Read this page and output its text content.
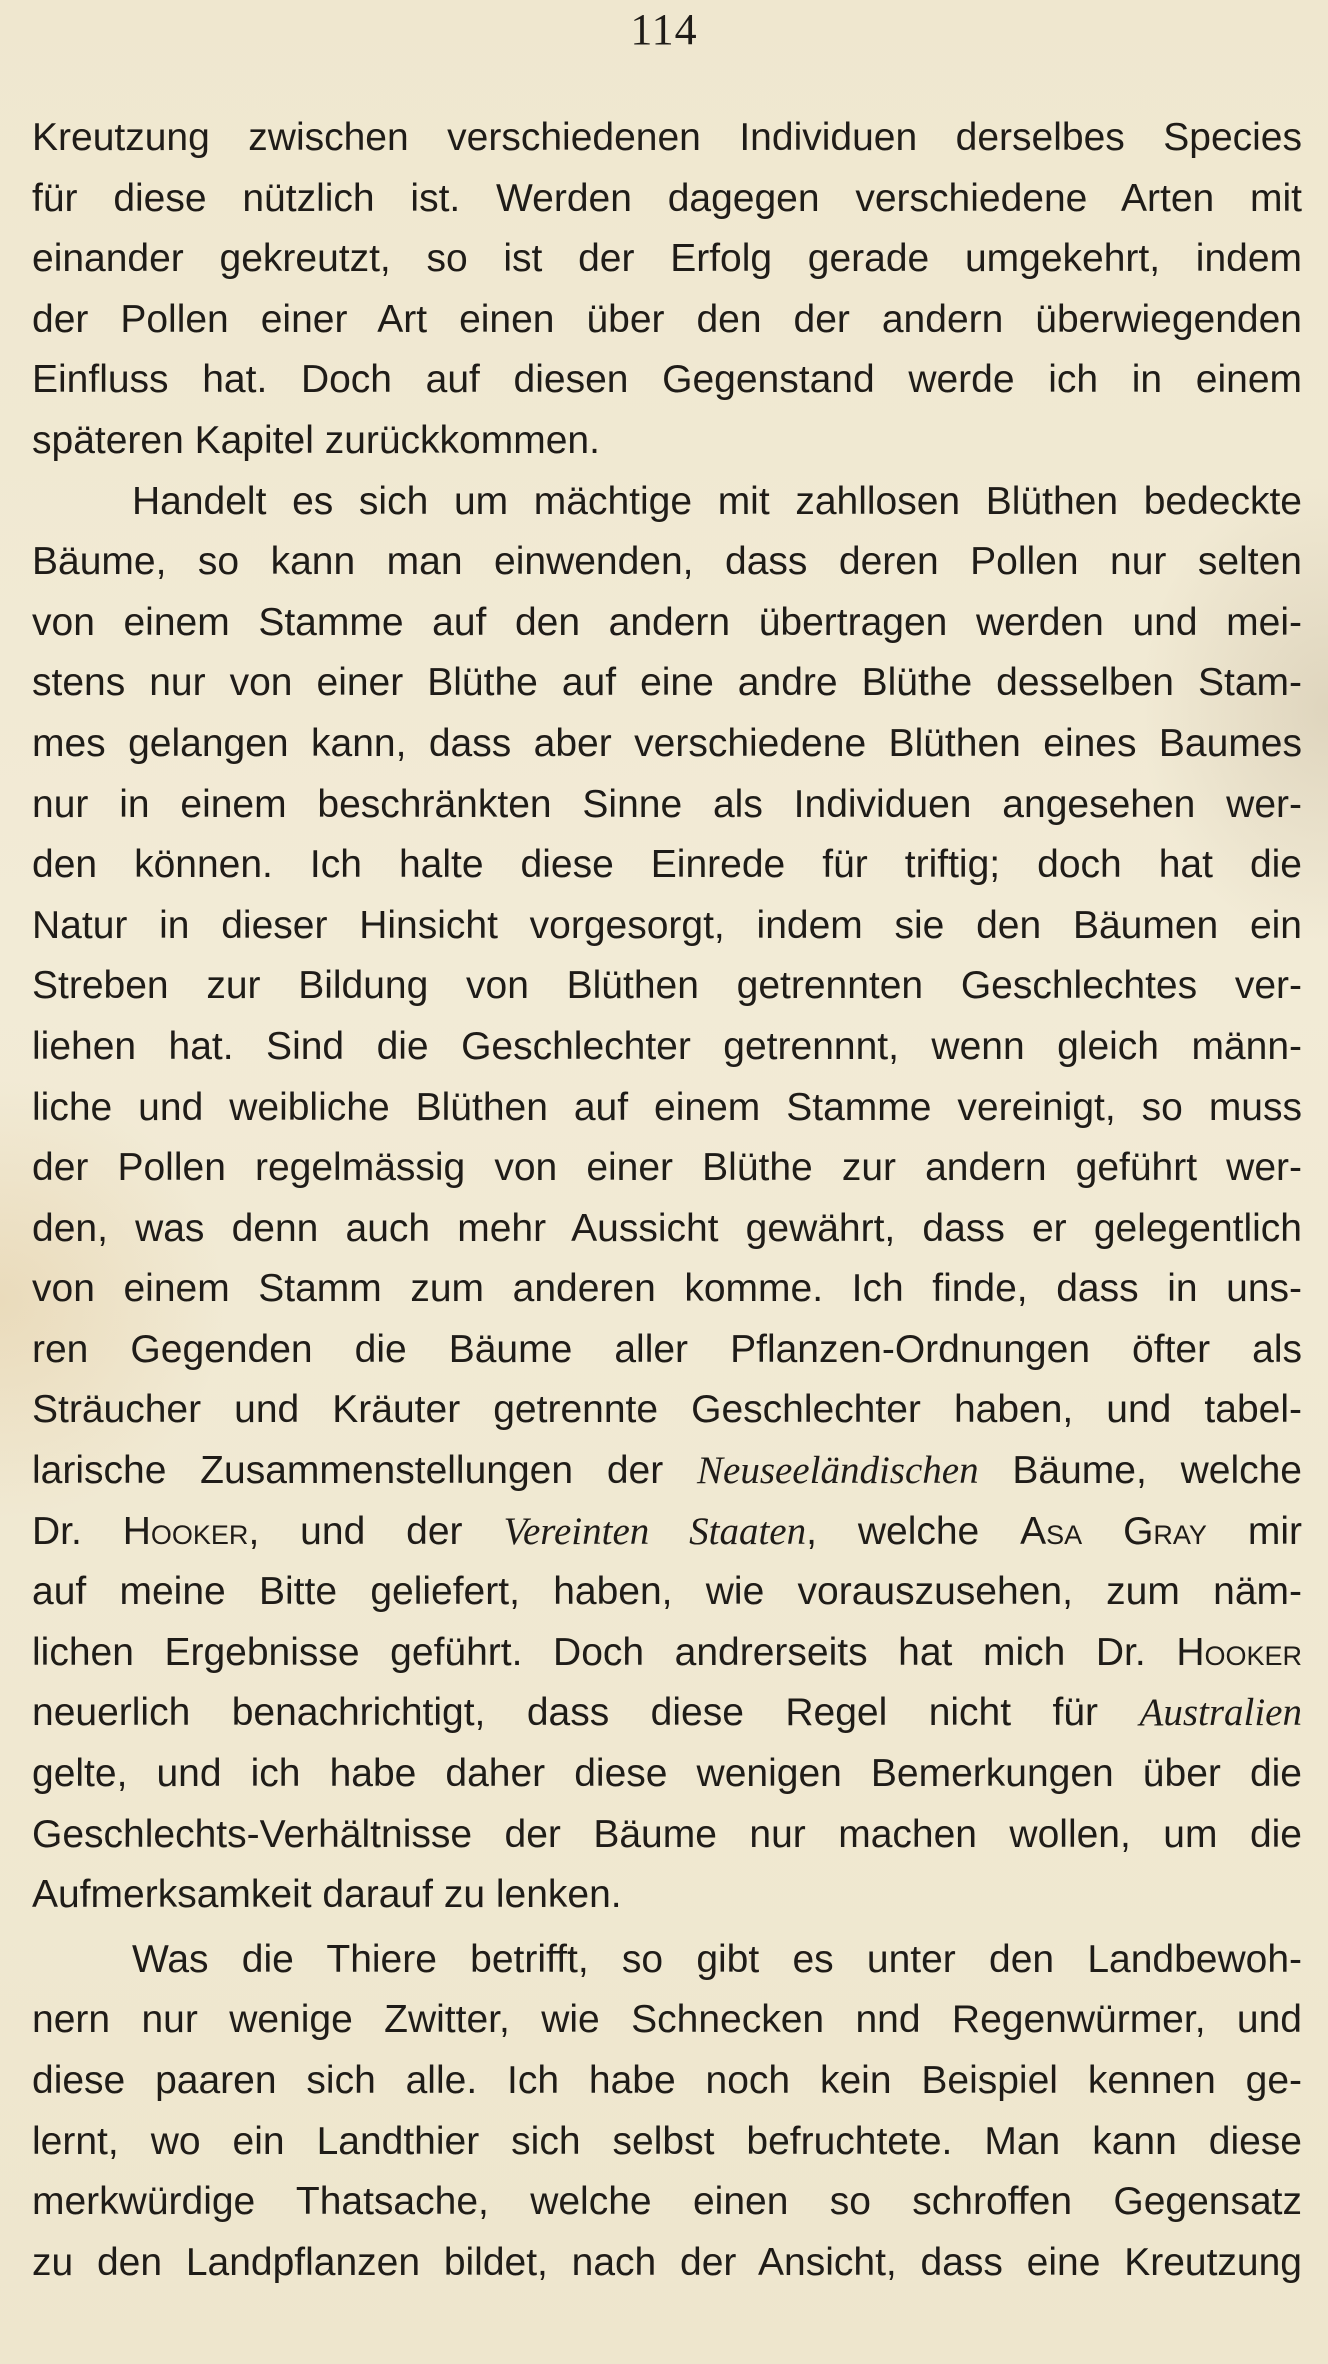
114
Kreutzung zwischen verschiedenen Individuen derselbes Species
für diese nützlich ist. Werden dagegen verschiedene Arten mit
einander gekreutzt, so ist der Erfolg gerade umgekehrt, indem
der Pollen einer Art einen über den der andern überwiegenden
Einfluss hat. Doch auf diesen Gegenstand werde ich in einem
späteren Kapitel zurückkommen.
Handelt es sich um mächtige mit zahllosen Blüthen bedeckte
Bäume, so kann man einwenden, dass deren Pollen nur selten
von einem Stamme auf den andern übertragen werden und mei-
stens nur von einer Blüthe auf eine andre Blüthe desselben Stam-
mes gelangen kann, dass aber verschiedene Blüthen eines Baumes
nur in einem beschränkten Sinne als Individuen angesehen wer-
den können. Ich halte diese Einrede für triftig; doch hat die
Natur in dieser Hinsicht vorgesorgt, indem sie den Bäumen ein
Streben zur Bildung von Blüthen getrennten Geschlechtes ver-
liehen hat. Sind die Geschlechter getrennnt, wenn gleich männ-
liche und weibliche Blüthen auf einem Stamme vereinigt, so muss
der Pollen regelmässig von einer Blüthe zur andern geführt wer-
den, was denn auch mehr Aussicht gewährt, dass er gelegentlich
von einem Stamm zum anderen komme. Ich finde, dass in uns-
ren Gegenden die Bäume aller Pflanzen-Ordnungen öfter als
Sträucher und Kräuter getrennte Geschlechter haben, und tabel-
larische Zusammenstellungen der Neuseeländischen Bäume, welche
Dr. Hooker, und der Vereinten Staaten, welche Asa Gray mir
auf meine Bitte geliefert, haben, wie vorauszusehen, zum näm-
lichen Ergebnisse geführt. Doch andrerseits hat mich Dr. Hooker
neuerlich benachrichtigt, dass diese Regel nicht für Australien
gelte, und ich habe daher diese wenigen Bemerkungen über die
Geschlechts-Verhältnisse der Bäume nur machen wollen, um die
Aufmerksamkeit darauf zu lenken.
Was die Thiere betrifft, so gibt es unter den Landbewoh-
nern nur wenige Zwitter, wie Schnecken nnd Regenwürmer, und
diese paaren sich alle. Ich habe noch kein Beispiel kennen ge-
lernt, wo ein Landthier sich selbst befruchtete. Man kann diese
merkwürdige Thatsache, welche einen so schroffen Gegensatz
zu den Landpflanzen bildet, nach der Ansicht, dass eine Kreutzung
